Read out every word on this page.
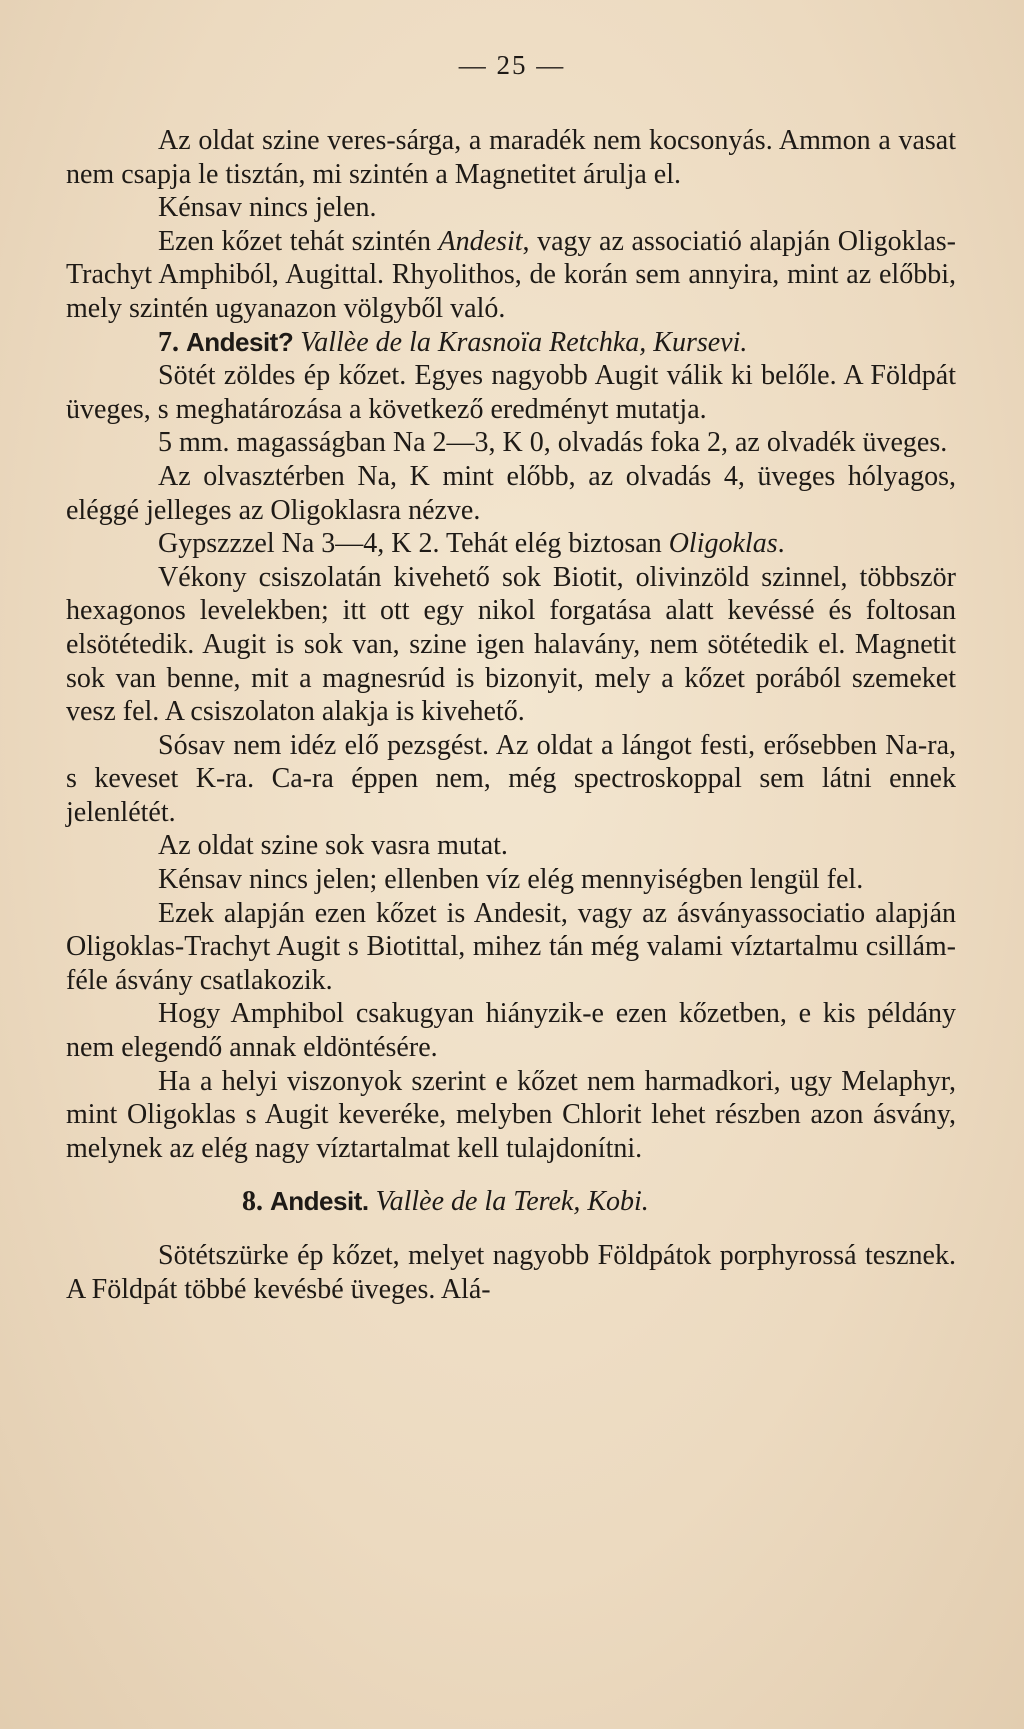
— 25 —

Az oldat szine veres-sárga, a maradék nem kocsonyás. Ammon a vasat nem csapja le tisztán, mi szintén a Magnetitet árulja el.

Kénsav nincs jelen.

Ezen kőzet tehát szintén Andesit, vagy az associatió alapján Oligoklas-Trachyt Amphiból, Augittal. Rhyolithos, de korán sem annyira, mint az előbbi, mely szintén ugyanazon völgyből való.

7. Andesit? Vallèe de la Krasnoïa Retchka, Kursevi.

Sötét zöldes ép kőzet. Egyes nagyobb Augit válik ki belőle. A Földpát üveges, s meghatározása a következő eredményt mutatja.

5 mm. magasságban Na 2—3, K 0, olvadás foka 2, az olvadék üveges.

Az olvasztérben Na, K mint előbb, az olvadás 4, üveges hólyagos, eléggé jelleges az Oligoklasra nézve.

Gypszzzel Na 3—4, K 2. Tehát elég biztosan Oligoklas.

Vékony csiszolatán kivehető sok Biotit, olivinzöld szinnel, többször hexagonos levelekben; itt ott egy nikol forgatása alatt kevéssé és foltosan elsötétedik. Augit is sok van, szine igen halavány, nem sötétedik el. Magnetit sok van benne, mit a magnesrúd is bizonyit, mely a kőzet porából szemeket vesz fel. A csiszolaton alakja is kivehető.

Sósav nem idéz elő pezsgést. Az oldat a lángot festi, erősebben Na-ra, s keveset K-ra. Ca-ra éppen nem, még spectroskoppal sem látni ennek jelenlétét.

Az oldat szine sok vasra mutat.

Kénsav nincs jelen; ellenben víz elég mennyiségben lengül fel.

Ezek alapján ezen kőzet is Andesit, vagy az ásványassociatio alapján Oligoklas-Trachyt Augit s Biotittal, mihez tán még valami víztartalmu csillám-féle ásvány csatlakozik.

Hogy Amphibol csakugyan hiányzik-e ezen kőzetben, e kis példány nem elegendő annak eldöntésére.

Ha a helyi viszonyok szerint e kőzet nem harmadkori, ugy Melaphyr, mint Oligoklas s Augit keveréke, melyben Chlorit lehet részben azon ásvány, melynek az elég nagy víztartalmat kell tulajdonítni.

8. Andesit. Vallèe de la Terek, Kobi.

Sötétszürke ép kőzet, melyet nagyobb Földpátok porphyrossá tesznek. A Földpát többé kevésbé üveges. Alá-
